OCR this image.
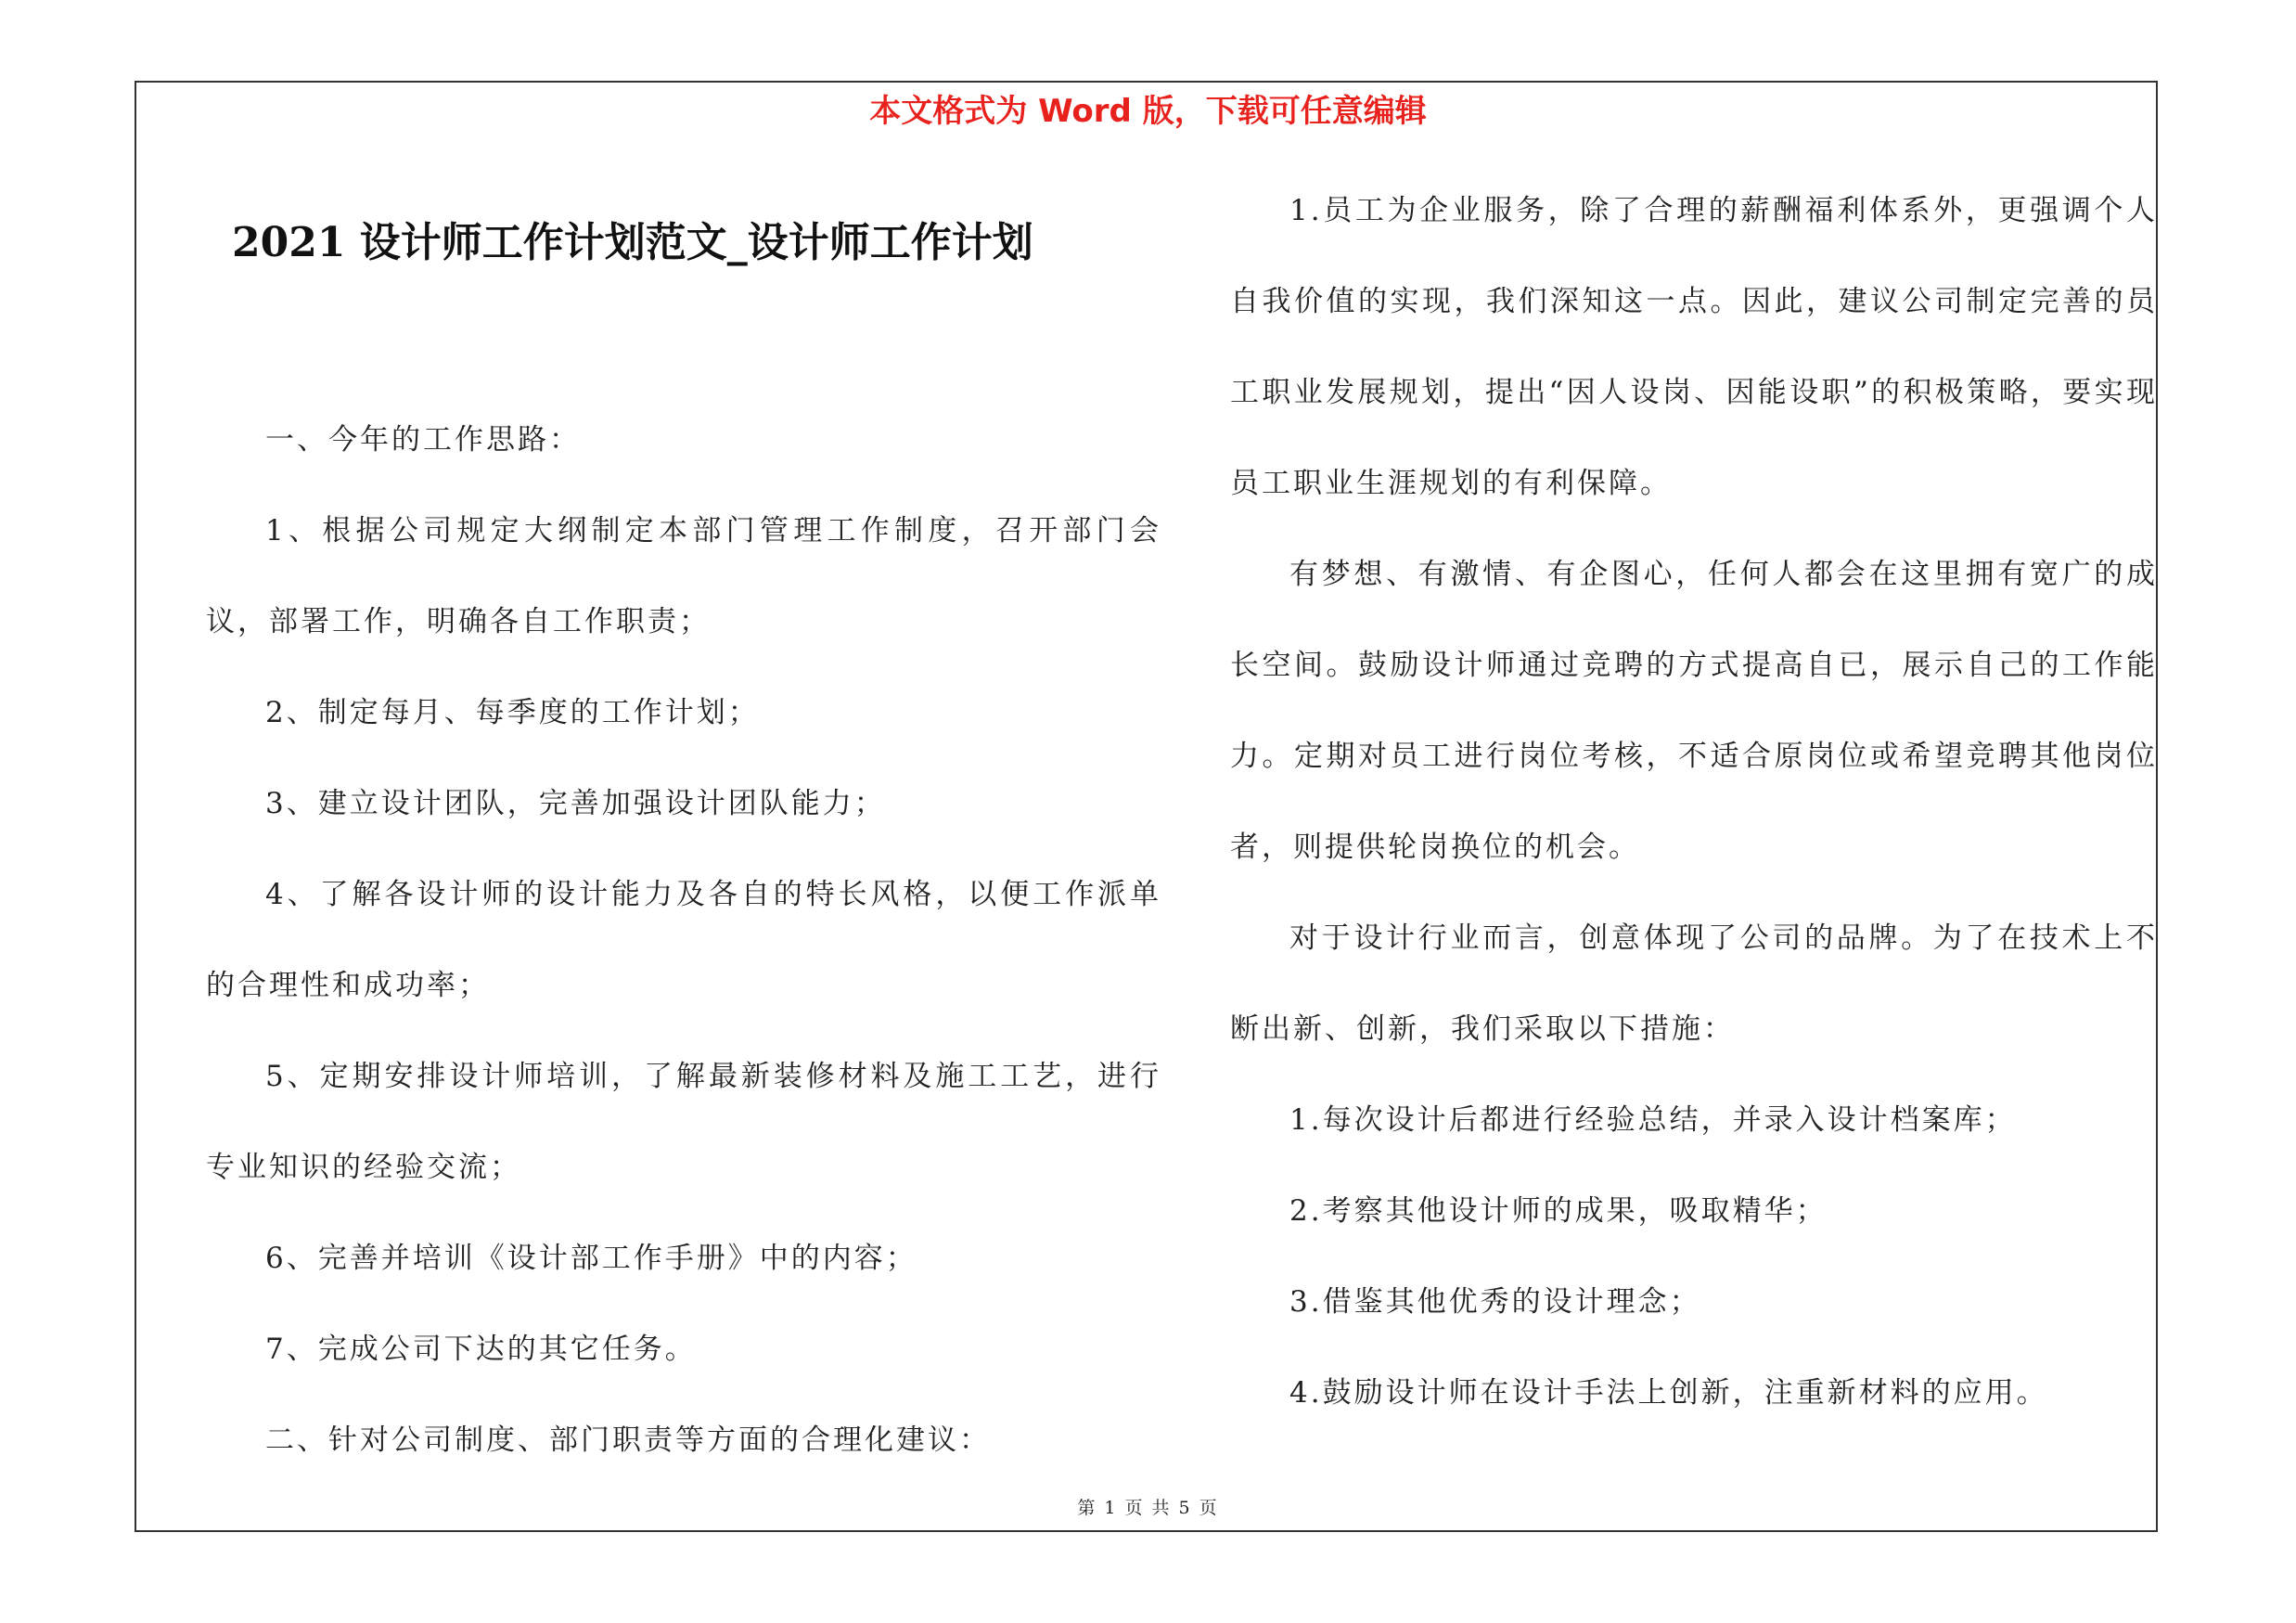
本文格式为 Word 版，下载可任意编辑
2021 设计师工作计划范文_设计师工作计划

一、今年的工作思路：

1、根据公司规定大纲制定本部门管理工作制度，召开部门会议，部署工作，明确各自工作职责；

2、制定每月、每季度的工作计划；

3、建立设计团队，完善加强设计团队能力；

4、了解各设计师的设计能力及各自的特长风格，以便工作派单的合理性和成功率；

5、定期安排设计师培训，了解最新装修材料及施工工艺，进行专业知识的经验交流；

6、完善并培训《设计部工作手册》中的内容；

7、完成公司下达的其它任务。

二、针对公司制度、部门职责等方面的合理化建议：

1.员工为企业服务，除了合理的薪酬福利体系外，更强调个人自我价值的实现，我们深知这一点。因此，建议公司制定完善的员工职业发展规划，提出“因人设岗、因能设职”的积极策略，要实现员工职业生涯规划的有利保障。

有梦想、有激情、有企图心，任何人都会在这里拥有宽广的成长空间。鼓励设计师通过竞聘的方式提高自已，展示自己的工作能力。定期对员工进行岗位考核，不适合原岗位或希望竞聘其他岗位者，则提供轮岗换位的机会。

对于设计行业而言，创意体现了公司的品牌。为了在技术上不断出新、创新，我们采取以下措施：

1.每次设计后都进行经验总结，并录入设计档案库；

2.考察其他设计师的成果，吸取精华；

3.借鉴其他优秀的设计理念；

4.鼓励设计师在设计手法上创新，注重新材料的应用。

第 1 页 共 5 页
